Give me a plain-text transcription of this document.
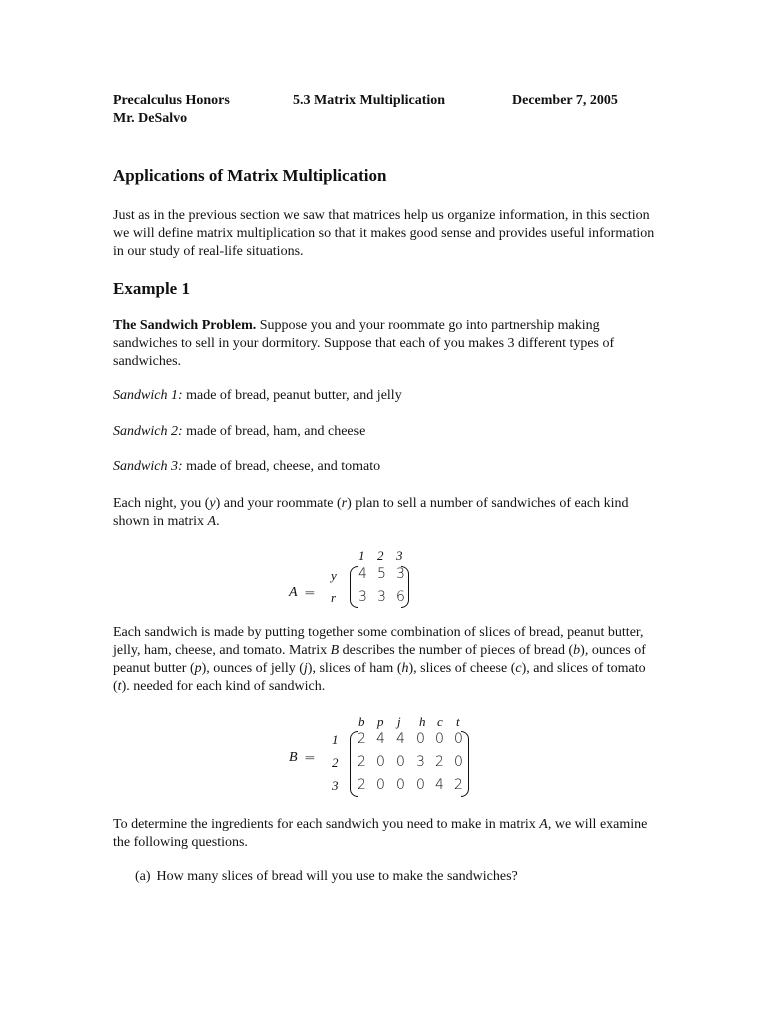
Precalculus Honors	5.3 Matrix Multiplication	December 7, 2005
Mr. DeSalvo
Applications of Matrix Multiplication
Just as in the previous section we saw that matrices help us organize information, in this section we will define matrix multiplication so that it makes good sense and provides useful information in our study of real-life situations.
Example 1
The Sandwich Problem. Suppose you and your roommate go into partnership making sandwiches to sell in your dormitory. Suppose that each of you makes 3 different types of sandwiches.
Sandwich 1: made of bread, peanut butter, and jelly
Sandwich 2: made of bread, ham, and cheese
Sandwich 3: made of bread, cheese, and tomato
Each night, you (y) and your roommate (r) plan to sell a number of sandwiches of each kind shown in matrix A.
A =
1 2 3
y
r
4 5 3
3 3 6
Each sandwich is made by putting together some combination of slices of bread, peanut butter, jelly, ham, cheese, and tomato. Matrix B describes the number of pieces of bread (b), ounces of peanut butter (p), ounces of jelly (j), slices of ham (h), slices of cheese (c), and slices of tomato (t). needed for each kind of sandwich.
B =
b p j h c t
1
2
3
2 4 4 0 0 0
2 0 0 3 2 0
2 0 0 0 4 2
To determine the ingredients for each sandwich you need to make in matrix A, we will examine the following questions.
(a) How many slices of bread will you use to make the sandwiches?
